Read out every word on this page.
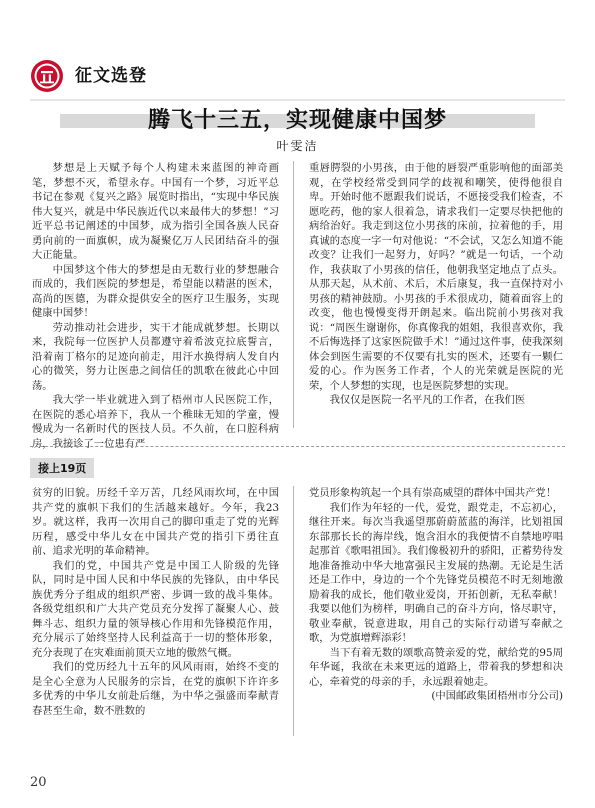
征文选登
腾飞十三五，实现健康中国梦
叶雯洁

梦想是上天赋予每个人构建未来蓝图的神奇画笔，梦想不灭，希望永存。中国有一个梦，习近平总书记在参观《复兴之路》展览时指出，“实现中华民族伟大复兴，就是中华民族近代以来最伟大的梦想！”习近平总书记阐述的中国梦，成为指引全国各族人民奋勇向前的一面旗帜，成为凝聚亿万人民团结奋斗的强大正能量。

中国梦这个伟大的梦想是由无数行业的梦想融合而成的，我们医院的梦想是，希望能以精湛的医术，高尚的医德，为群众提供安全的医疗卫生服务，实现健康中国梦！

劳动推动社会进步，实干才能成就梦想。长期以来，我院每一位医护人员都遵守着希波克拉底誓言，沿着南丁格尔的足迹向前走，用汗水换得病人发自内心的微笑，努力让医患之间信任的凯歌在彼此心中回荡。

我大学一毕业就进入到了梧州市人民医院工作，在医院的悉心培养下，我从一个稚昧无知的学童，慢慢成为一名新时代的医技人员。不久前，在口腔科病房，我接诊了一位患有严

重唇腭裂的小男孩，由于他的唇裂严重影响他的面部美观，在学校经常受到同学的歧视和嘲笑，使得他很自卑。开始时他不愿跟我们说话，不愿接受我们检查，不愿吃药，他的家人很着急，请求我们一定要尽快把他的病给治好。我走到这位小男孩的床前，拉着他的手，用真诚的态度一字一句对他说：“不会试，又怎么知道不能改变？让我们一起努力，好吗？”就是一句话，一个动作，我获取了小男孩的信任，他朝我坚定地点了点头。从那天起，从术前、术后，术后康复，我一直保持对小男孩的精神鼓励。小男孩的手术很成功，随着面容上的改变，他也慢慢变得开朗起来。临出院前小男孩对我说：“周医生谢谢你，你真像我的姐姐，我很喜欢你，我不后悔选择了这家医院做手术！”通过这件事，使我深刻体会到医生需要的不仅要有扎实的医术，还要有一颗仁爱的心。作为医务工作者，个人的光荣就是医院的光荣，个人梦想的实现，也是医院梦想的实现。

我仅仅是医院一名平凡的工作者，在我们医

接上19页

贫穷的旧貌。历经千辛万苦，几经风雨坎坷，在中国共产党的旗帜下我们的生活越来越好。今年，我23岁。就这样，我再一次用自己的脚印重走了党的光辉历程，感受中华儿女在中国共产党的指引下勇往直前、追求光明的革命精神。

我们的党，中国共产党是中国工人阶级的先锋队，同时是中国人民和中华民族的先锋队，由中华民族优秀分子组成的组织严密、步调一致的战斗集体。各级党组织和广大共产党员充分发挥了凝聚人心、鼓舞斗志、组织力量的领导核心作用和先锋模范作用，充分展示了始终坚持人民利益高于一切的整体形象，充分表现了在灾难面前顶天立地的傲然气概。

我们的党历经九十五年的风风雨雨，始终不变的是全心全意为人民服务的宗旨，在党的旗帜下许许多多优秀的中华儿女前赴后继，为中华之强盛而奉献青春甚至生命，数不胜数的

党员形象构筑起一个具有崇高威望的群体中国共产党！

我们作为年轻的一代，爱党，跟党走，不忘初心，继往开来。每次当我遥望那蔚蔚蓝蓝的海洋，比划祖国东部那长长的海岸线，饱含泪水的我便情不自禁地哼唱起那首《歌唱祖国》。我们像极初升的骄阳，正蓄势待发地准备推动中华大地富强民主发展的热潮。无论是生活还是工作中，身边的一个个先锋党员模范不时无刻地激励着我的成长，他们敬业爱岗，开拓创新，无私奉献！我要以他们为榜样，明确自己的奋斗方向，恪尽职守，敬业奉献，锐意进取，用自己的实际行动谱写奉献之歌，为党旗增辉添彩！

当下有着无数的颂歌高赞亲爱的党，献给党的95周年华诞，我欲在未来更远的道路上，带着我的梦想和决心，牵着党的母亲的手，永远跟着她走。

(中国邮政集团梧州市分公司)

20
